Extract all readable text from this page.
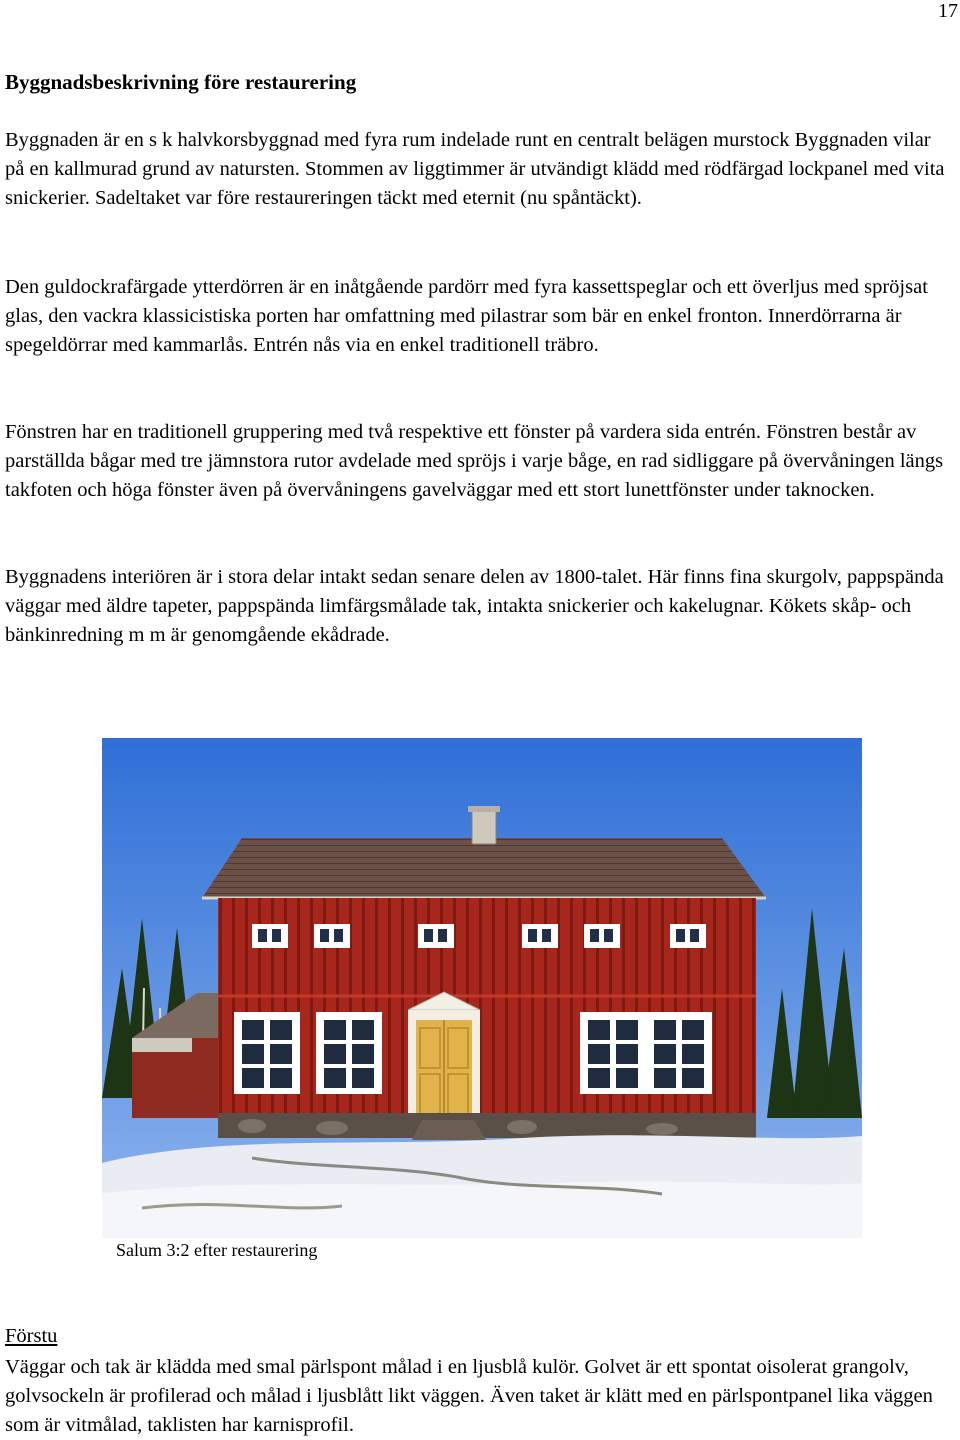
17
Byggnadsbeskrivning före restaurering

Byggnaden är en s k halvkorsbyggnad med fyra rum indelade runt en centralt belägen murstock Byggnaden vilar på en kallmurad grund av natursten. Stommen av liggtimmer är utvändigt klädd med rödfärgad lockpanel med vita snickerier. Sadeltaket var före restaureringen täckt med eternit (nu spåntäckt).

Den guldockrafärgade ytterdörren är en inåtgående pardörr med fyra kassettspeglar och ett överljus med spröjsat glas, den vackra klassicistiska porten har omfattning med pilastrar som bär en enkel fronton. Innerdörrarna är spegeldörrar med kammarlås. Entrén nås via en enkel traditionell träbro.

Fönstren har en traditionell gruppering med två respektive ett fönster på vardera sida entrén. Fönstren består av parställda bågar med tre jämnstora rutor avdelade med spröjs i varje båge, en rad sidliggare på övervåningen längs takfoten och höga fönster även på övervåningens gavelväggar med ett stort lunettfönster under taknocken.

Byggnadens interiören är i stora delar intakt sedan senare delen av 1800-talet. Här finns fina skurgolv, pappspända väggar med äldre tapeter, pappspända limfärgsmålade tak, intakta snickerier och kakelugnar. Kökets skåp- och bänkinredning m m är genomgående ekådrade.

Salum 3:2 efter restaurering
Förstu

Väggar och tak är klädda med smal pärlspont målad i en ljusblå kulör. Golvet är ett spontat oisolerat grangolv, golvsockeln är profilerad och målad i ljusblått likt väggen. Även taket är klätt med en pärlspontpanel lika väggen som är vitmålad, taklisten har karnisprofil.
